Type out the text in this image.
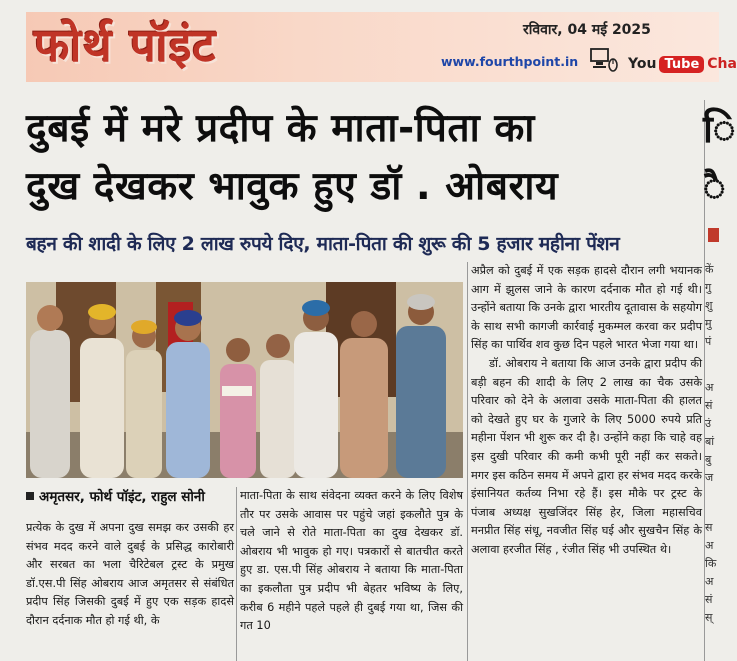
फोर्थ पॉइंट	रविवार, 04 मई 2025
www.fourthpoint.in	You Tube Cha
दुबई में मरे प्रदीप के माता-पिता का
दुख देखकर भावुक हुए डॉ . ओबराय
बहन की शादी के लिए 2 लाख रुपये दिए, माता-पिता की शुरू की 5 हजार महीना पेंशन
अमृतसर, फोर्थ पॉइंट, राहुल सोनी

प्रत्येक के दुख में अपना दुख समझ कर उसकी हर संभव मदद करने वाले दुबई के प्रसिद्ध कारोबारी और सरबत का भला चैरिटेबल ट्रस्ट के प्रमुख डॉ.एस.पी सिंह ओबराय आज अमृतसर से संबंधित प्रदीप सिंह जिसकी दुबई में हुए एक सड़क हादसे दौरान दर्दनाक मौत हो गई थी, के

माता-पिता के साथ संवेदना व्यक्त करने के लिए विशेष तौर पर उसके आवास पर पहुंचे जहां इकलौते पुत्र के चले जाने से रोते माता-पिता का दुख देखकर डॉ. ओबराय भी भावुक हो गए। पत्रकारों से बातचीत करते हुए डा. एस.पी सिंह ओबराय ने बताया कि माता-पिता का इकलौता पुत्र प्रदीप भी बेहतर भविष्य के लिए, करीब 6 महीने पहले पहले ही दुबई गया था, जिस की गत 10

अप्रैल को दुबई में एक सड़क हादसे दौरान लगी भयानक आग में झुलस जाने के कारण दर्दनाक मौत हो गई थी। उन्होंने बताया कि उनके द्वारा भारतीय दूतावास के सहयोग के साथ सभी कागजी कार्रवाई मुकम्मल करवा कर प्रदीप सिंह का पार्थिव शव कुछ दिन पहले भारत भेजा गया था।

डॉ. ओबराय ने बताया कि आज उनके द्वारा प्रदीप की बड़ी बहन की शादी के लिए 2 लाख का चैक उसके परिवार को देने के अलावा उसके माता-पिता की हालत को देखते हुए घर के गुजारे के लिए 5000 रुपये प्रति महीना पेंशन भी शुरू कर दी है। उन्होंने कहा कि चाहे वह इस दुखी परिवार की कमी कभी पूरी नहीं कर सकते। मगर इस कठिन समय में अपने द्वारा हर संभव मदद करके इंसानियत कर्तव्य निभा रहे हैं। इस मौके पर ट्रस्ट के पंजाब अध्यक्ष सुखजिंदर सिंह हेर, जिला महासचिव मनप्रीत सिंह संधू, नवजीत सिंह घई और सुखचैन सिंह के अलावा हरजीत सिंह , रंजीत सिंह भी उपस्थित थे।

ि
ै
कें
गु
शु
मु
पं
अ
सं
उं
बां
बु
ज
स
अ
कि
अ
सं
स्
